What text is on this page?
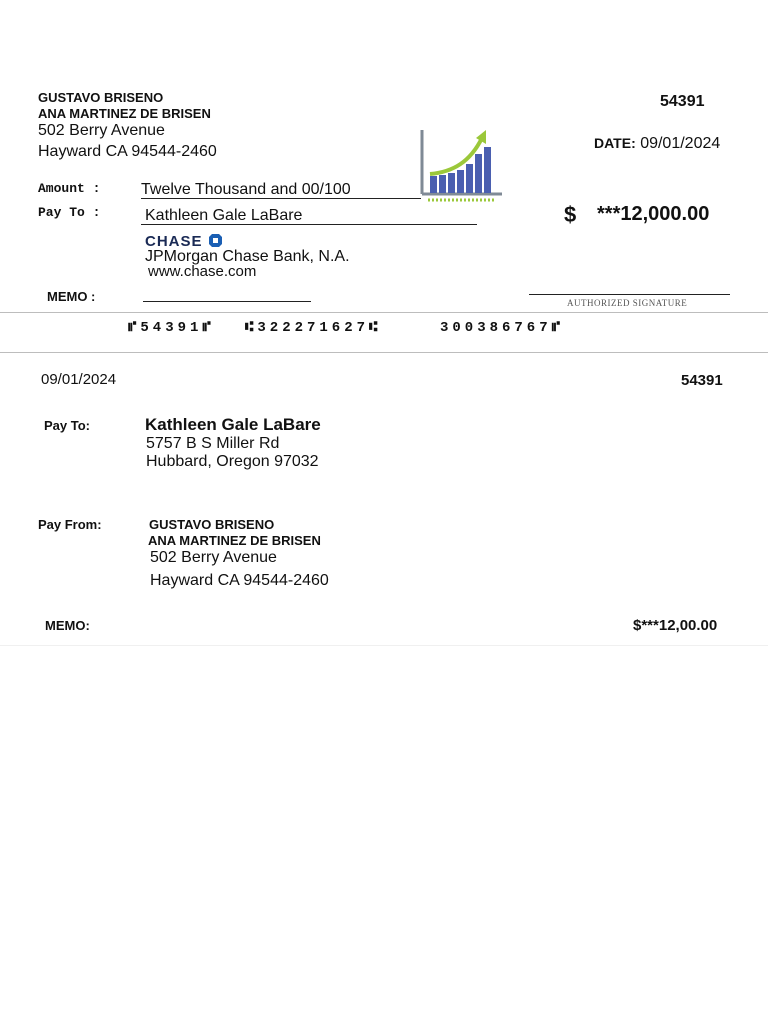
GUSTAVO BRISENO
ANA MARTINEZ DE BRISEN
502 Berry Avenue
Hayward CA 94544-2460
54391
DATE: 09/01/2024
Amount :	Twelve Thousand and 00/100
Pay To :	Kathleen Gale LaBare	$ ***12,000.00
CHASE
JPMorgan Chase Bank, N.A.
www.chase.com
MEMO :	AUTHORIZED SIGNATURE
⑈54391⑈ ⑆322271627⑆	300386767⑈
09/01/2024	54391
Pay To:	Kathleen Gale LaBare
5757 B S Miller Rd
Hubbard, Oregon 97032
Pay From:	GUSTAVO BRISENO
ANA MARTINEZ DE BRISEN
502 Berry Avenue
Hayward CA 94544-2460
MEMO:	$***12,00.00
